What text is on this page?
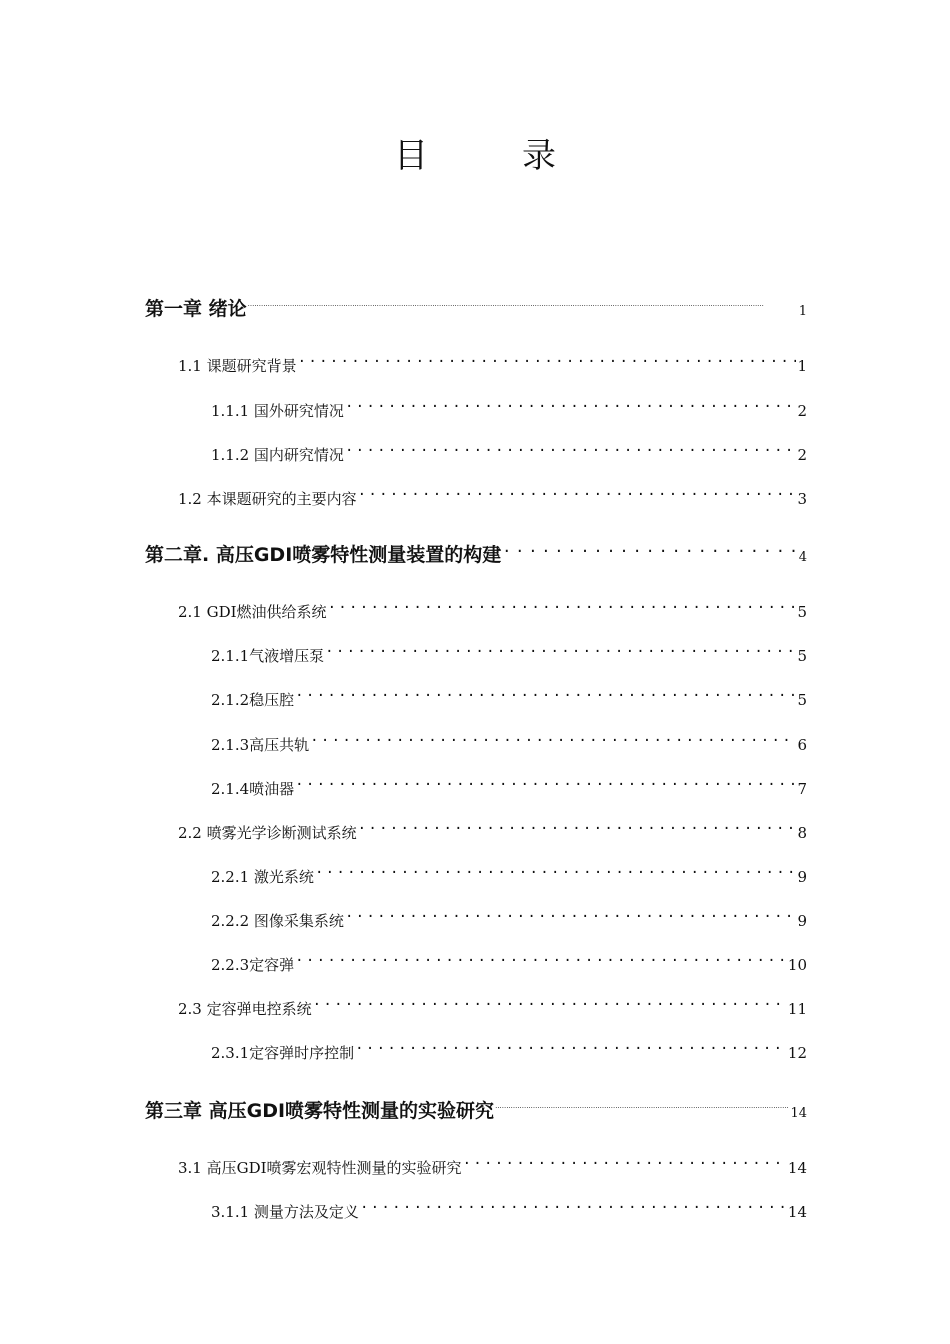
目　录
第一章 绪论 .....	1
1.1 课题研究背景 .....	1
1.1.1 国外研究情况 .....	2
1.1.2 国内研究情况 .....	2
1.2 本课题研究的主要内容 .....	3
第二章. 高压GDI喷雾特性测量装置的构建 .....	4
2.1 GDI燃油供给系统 .....	5
2.1.1气液增压泵 .....	5
2.1.2稳压腔 .....	5
2.1.3高压共轨 .....	6
2.1.4喷油器 .....	7
2.2 喷雾光学诊断测试系统 .....	8
2.2.1 激光系统 .....	9
2.2.2 图像采集系统 .....	9
2.2.3定容弹 .....	10
2.3 定容弹电控系统 .....	11
2.3.1定容弹时序控制 .....	12
第三章 高压GDI喷雾特性测量的实验研究 .....	14
3.1 高压GDI喷雾宏观特性测量的实验研究 .....	14
3.1.1 测量方法及定义 .....	14
